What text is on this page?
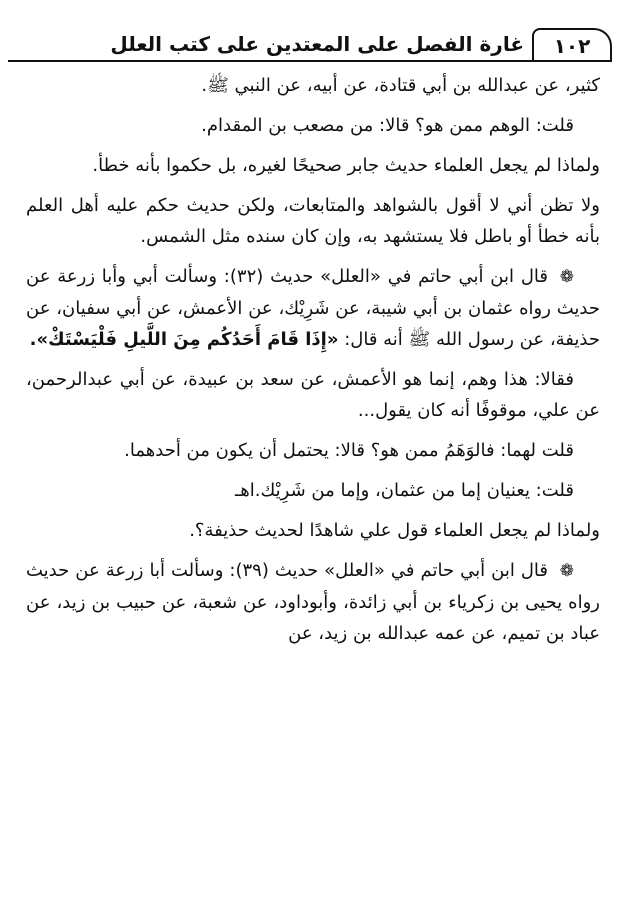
١٠٢
غارة الفصل على المعتدين على كتب العلل

كثير، عن عبدالله بن أبي قتادة، عن أبيه، عن النبي ﷺ.

قلت: الوهم ممن هو؟ قالا: من مصعب بن المقدام.

ولماذا لم يجعل العلماء حديث جابر صحيحًا لغيره، بل حكموا بأنه خطأ.

ولا تظن أني لا أقول بالشواهد والمتابعات، ولكن حديث حكم عليه أهل العلم بأنه خطأ أو باطل فلا يستشهد به، وإن كان سنده مثل الشمس.

❁قال ابن أبي حاتم في «العلل» حديث (٣٢): وسألت أبي وأبا زرعة عن حديث رواه عثمان بن أبي شيبة، عن شَرِيْك، عن الأعمش، عن أبي سفيان، عن حذيفة، عن رسول الله ﷺ أنه قال: «إِذَا قَامَ أَحَدُكُم مِنَ اللَّيلِ فَلْيَسْتَكْ».

فقالا: هذا وهم، إنما هو الأعمش، عن سعد بن عبيدة، عن أبي عبدالرحمن، عن علي، موقوفًا أنه كان يقول...

قلت لهما: فالوَهَمُ ممن هو؟ قالا: يحتمل أن يكون من أحدهما.

قلت: يعنيان إما من عثمان، وإما من شَرِيْك.اهـ

ولماذا لم يجعل العلماء قول علي شاهدًا لحديث حذيفة؟.

❁قال ابن أبي حاتم في «العلل» حديث (٣٩): وسألت أبا زرعة عن حديث رواه يحيى بن زكرياء بن أبي زائدة، وأبوداود، عن شعبة، عن حبيب بن زيد، عن عباد بن تميم، عن عمه عبدالله بن زيد، عن
